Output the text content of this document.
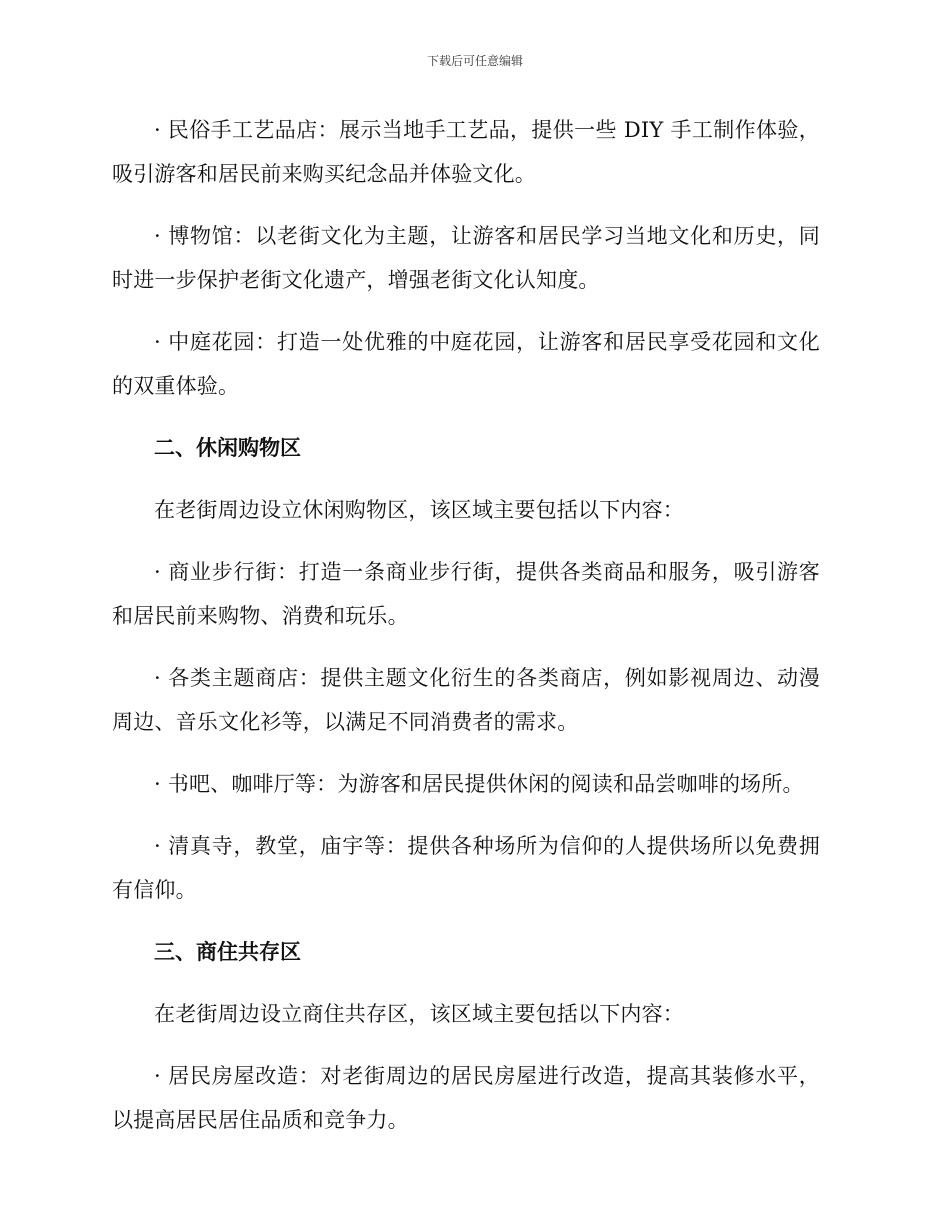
下载后可任意编辑

· 民俗手工艺品店：展示当地手工艺品，提供一些 DIY 手工制作体验，吸引游客和居民前来购买纪念品并体验文化。

· 博物馆：以老街文化为主题，让游客和居民学习当地文化和历史，同时进一步保护老街文化遗产，增强老街文化认知度。

· 中庭花园：打造一处优雅的中庭花园，让游客和居民享受花园和文化的双重体验。

二、休闲购物区

在老街周边设立休闲购物区，该区域主要包括以下内容：

· 商业步行街：打造一条商业步行街，提供各类商品和服务，吸引游客和居民前来购物、消费和玩乐。

· 各类主题商店：提供主题文化衍生的各类商店，例如影视周边、动漫周边、音乐文化衫等，以满足不同消费者的需求。

· 书吧、咖啡厅等：为游客和居民提供休闲的阅读和品尝咖啡的场所。

· 清真寺，教堂，庙宇等：提供各种场所为信仰的人提供场所以免费拥有信仰。

三、商住共存区

在老街周边设立商住共存区，该区域主要包括以下内容：

· 居民房屋改造：对老街周边的居民房屋进行改造，提高其装修水平，以提高居民居住品质和竞争力。
